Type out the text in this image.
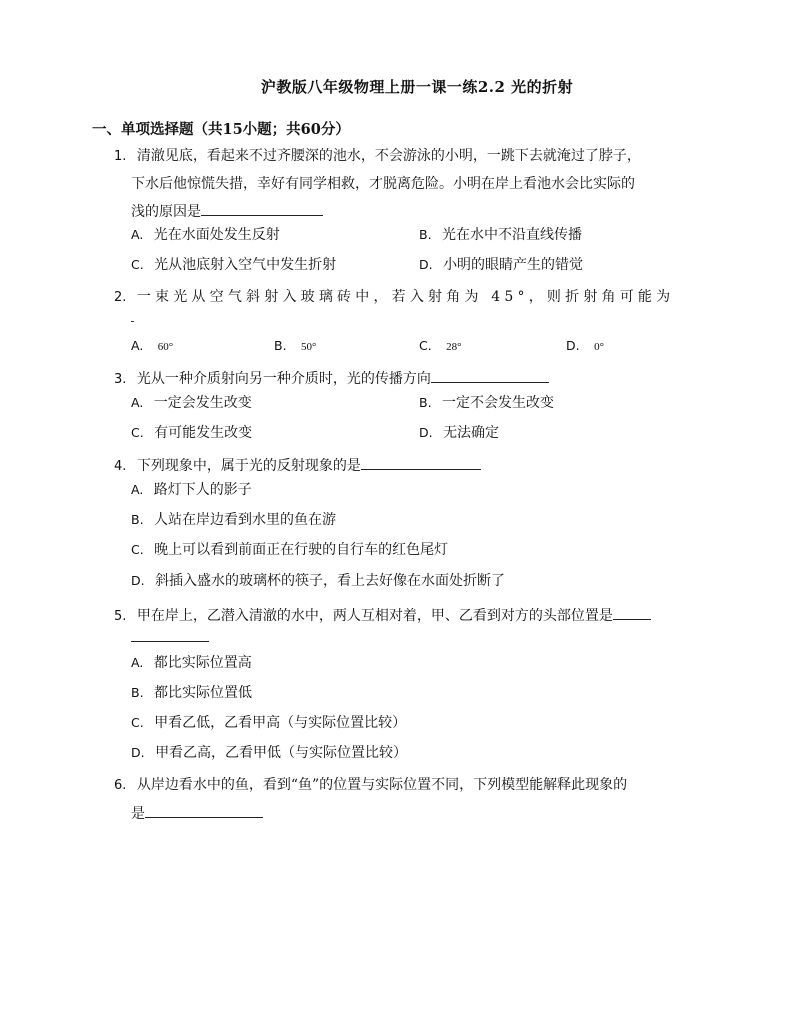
沪教版八年级物理上册一课一练2.2 光的折射
一、单项选择题（共15小题；共60分）
1. 清澈见底，看起来不过齐腰深的池水，不会游泳的小明，一跳下去就淹过了脖子，
下水后他惊慌失措，幸好有同学相救，才脱离危险。小明在岸上看池水会比实际的
浅的原因是
A. 光在水面处发生反射	B. 光在水中不沿直线传播
C. 光从池底射入空气中发生折射	D. 小明的眼睛产生的错觉
2. 一束光从空气斜射入玻璃砖中，若入射角为 45°，则折射角可能为
A. 60°	B. 50°	C. 28°	D. 0°
3. 光从一种介质射向另一种介质时，光的传播方向
A. 一定会发生改变	B. 一定不会发生改变
C. 有可能发生改变	D. 无法确定
4. 下列现象中，属于光的反射现象的是
A. 路灯下人的影子
B. 人站在岸边看到水里的鱼在游
C. 晚上可以看到前面正在行驶的自行车的红色尾灯
D. 斜插入盛水的玻璃杯的筷子，看上去好像在水面处折断了
5. 甲在岸上，乙潜入清澈的水中，两人互相对着，甲、乙看到对方的头部位置是
A. 都比实际位置高
B. 都比实际位置低
C. 甲看乙低，乙看甲高（与实际位置比较）
D. 甲看乙高，乙看甲低（与实际位置比较）
6. 从岸边看水中的鱼，看到“鱼”的位置与实际位置不同，下列模型能解释此现象的
是
